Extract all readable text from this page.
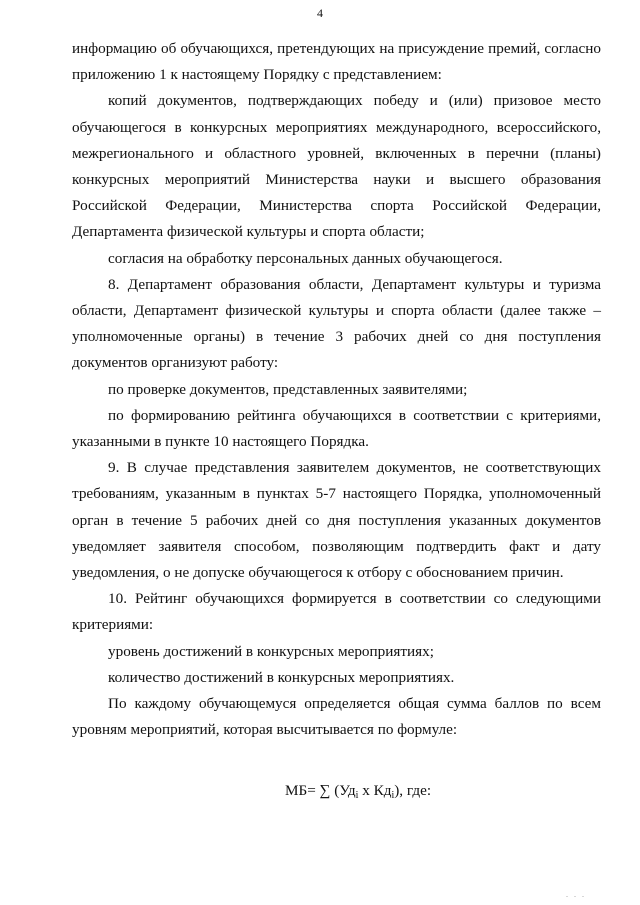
4

информацию об обучающихся, претендующих на присуждение премий, согласно приложению 1 к настоящему Порядку с представлением:

копий документов, подтверждающих победу и (или) призовое место обучающегося в конкурсных мероприятиях международного, всероссийского, межрегионального и областного уровней, включенных в перечни (планы) конкурсных мероприятий Министерства науки и высшего образования Российской Федерации, Министерства спорта Российской Федерации, Департамента физической культуры и спорта области;

согласия на обработку персональных данных обучающегося.

8. Департамент образования области, Департамент культуры и туризма области, Департамент физической культуры и спорта области (далее также – уполномоченные органы) в течение 3 рабочих дней со дня поступления документов организуют работу:

по проверке документов, представленных заявителями;

по формированию рейтинга обучающихся в соответствии с критериями, указанными в пункте 10 настоящего Порядка.

9. В случае представления заявителем документов, не соответствующих требованиям, указанным в пунктах 5-7 настоящего Порядка, уполномоченный орган в течение 5 рабочих дней со дня поступления указанных документов уведомляет заявителя способом, позволяющим подтвердить факт и дату уведомления, о не допуске обучающегося к отбору с обоснованием причин.

10. Рейтинг обучающихся формируется в соответствии со следующими критериями:

уровень достижений в конкурсных мероприятиях;

количество достижений в конкурсных мероприятиях.

По каждому обучающемуся определяется общая сумма баллов по всем уровням мероприятий, которая высчитывается по формуле:

МБ= ∑ ($Уд_i$ x $Кд_i$), где:
. . .
